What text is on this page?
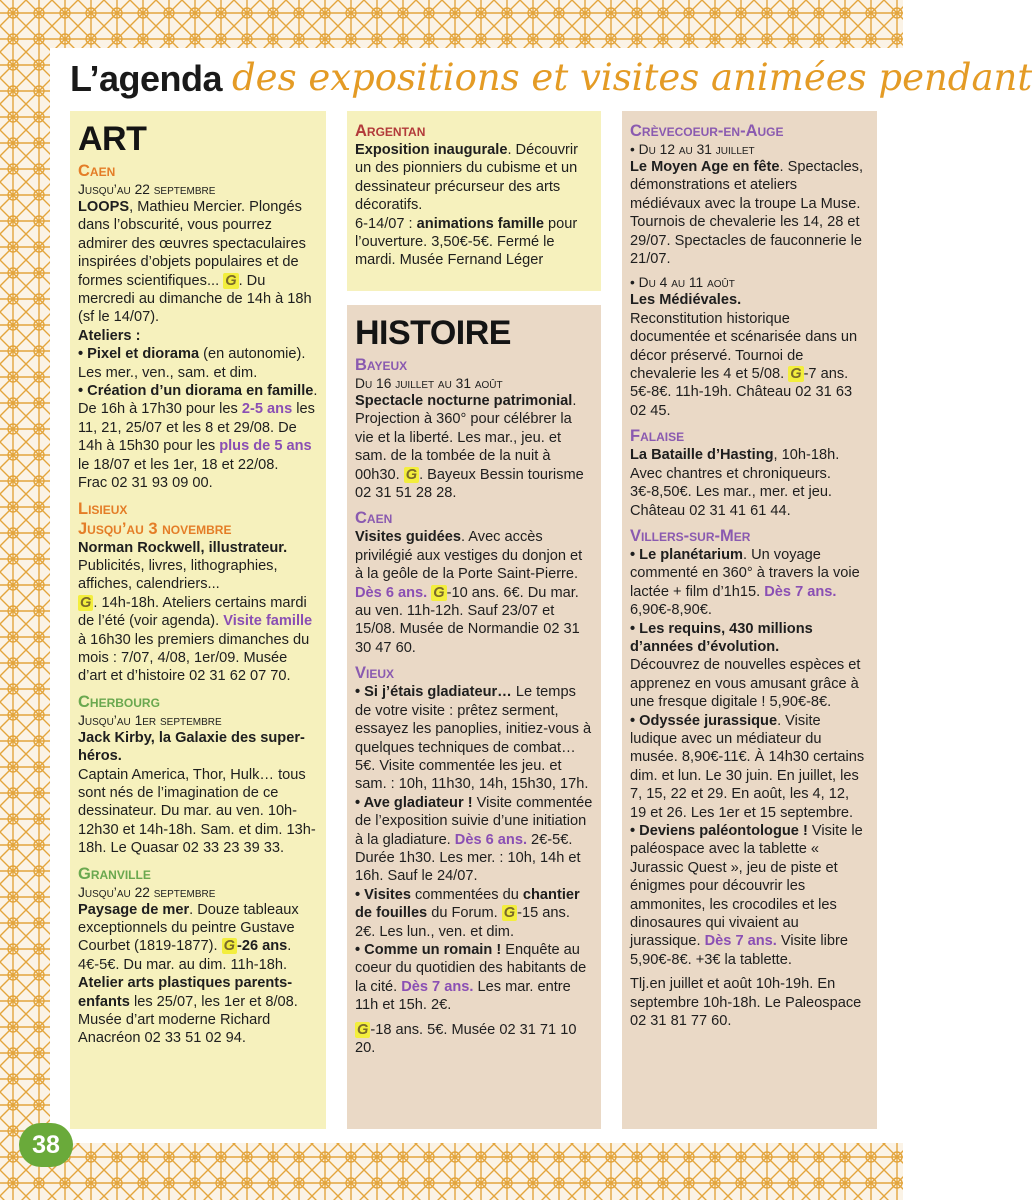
L’agenda des expositions et visites animées pendant
ART
Caen
Jusqu’au 22 septembre
LOOPS, Mathieu Mercier. Plongés dans l’obscurité, vous pourrez admirer des œuvres spectaculaires inspirées d’objets populaires et de formes scientifiques... G . Du mercredi au dimanche de 14h à 18h (sf le 14/07).
Ateliers :
• Pixel et diorama (en autonomie). Les mer., ven., sam. et dim.
• Création d’un diorama en famille. De 16h à 17h30 pour les 2-5 ans les 11, 21, 25/07 et les 8 et 29/08. De 14h à 15h30 pour les plus de 5 ans le 18/07 et les 1er, 18 et 22/08.
Frac 02 31 93 09 00.
Lisieux
Jusqu’au 3 novembre
Norman Rockwell, illustrateur. Publicités, livres, lithographies, affiches, calendriers...
G . 14h-18h. Ateliers certains mardi de l’été (voir agenda). Visite famille à 16h30 les premiers dimanches du mois : 7/07, 4/08, 1er/09. Musée d’art et d’histoire 02 31 62 07 70.
Cherbourg
Jusqu’au 1er septembre
Jack Kirby, la Galaxie des super-héros.
Captain America, Thor, Hulk… tous sont nés de l’imagination de ce dessinateur. Du mar. au ven. 10h-12h30 et 14h-18h. Sam. et dim. 13h-18h. Le Quasar 02 33 23 39 33.
Granville
Jusqu’au 22 septembre
Paysage de mer. Douze tableaux exceptionnels du peintre Gustave Courbet (1819-1877). G -26 ans. 4€-5€. Du mar. au dim. 11h-18h. Atelier arts plastiques parents-enfants les 25/07, les 1er et 8/08. Musée d’art moderne Richard Anacréon 02 33 51 02 94.
Argentan
Exposition inaugurale. Découvrir un des pionniers du cubisme et un dessinateur précurseur des arts décoratifs.
6-14/07 : animations famille pour l’ouverture. 3,50€-5€. Fermé le mardi. Musée Fernand Léger
HISTOIRE
Bayeux
Du 16 juillet au 31 août
Spectacle nocturne patrimonial. Projection à 360° pour célébrer la vie et la liberté. Les mar., jeu. et sam. de la tombée de la nuit à 00h30. G . Bayeux Bessin tourisme 02 31 51 28 28.
Caen
Visites guidées. Avec accès privilégié aux vestiges du donjon et à la geôle de la Porte Saint-Pierre. Dès 6 ans. G -10 ans. 6€. Du mar. au ven. 11h-12h. Sauf 23/07 et 15/08. Musée de Normandie 02 31 30 47 60.
Vieux
• Si j’étais gladiateur… Le temps de votre visite : prêtez serment, essayez les panoplies, initiez-vous à quelques techniques de combat…5€. Visite commentée les jeu. et sam. : 10h, 11h30, 14h, 15h30, 17h.
• Ave gladiateur ! Visite commentée de l’exposition suivie d’une initiation à la gladiature. Dès 6 ans. 2€-5€. Durée 1h30. Les mer. : 10h, 14h et 16h. Sauf le 24/07.
• Visites commentées du chantier de fouilles du Forum. G -15 ans. 2€. Les lun., ven. et dim.
• Comme un romain ! Enquête au coeur du quotidien des habitants de la cité. Dès 7 ans. Les mar. entre 11h et 15h. 2€.
G -18 ans. 5€. Musée 02 31 71 10 20.
Crèvecoeur-en-Auge
• Du 12 au 31 juillet
Le Moyen Age en fête. Spectacles, démonstrations et ateliers médiévaux avec la troupe La Muse. Tournois de chevalerie les 14, 28 et 29/07. Spectacles de fauconnerie le 21/07.
• Du 4 au 11 août
Les Médiévales.
Reconstitution historique documentée et scénarisée dans un décor préservé. Tournoi de chevalerie les 4 et 5/08. G -7 ans. 5€-8€. 11h-19h. Château 02 31 63 02 45.
Falaise
La Bataille d’Hasting, 10h-18h. Avec chantres et chroniqueurs. 3€-8,50€. Les mar., mer. et jeu. Château 02 31 41 61 44.
Villers-sur-Mer
• Le planétarium. Un voyage commenté en 360° à travers la voie lactée + film d’1h15. Dès 7 ans. 6,90€-8,90€.
• Les requins, 430 millions d’années d’évolution.
Découvrez de nouvelles espèces et apprenez en vous amusant grâce à une fresque digitale ! 5,90€-8€.
• Odyssée jurassique. Visite ludique avec un médiateur du musée. 8,90€-11€. À 14h30 certains dim. et lun. Le 30 juin. En juillet, les 7, 15, 22 et 29. En août, les 4, 12, 19 et 26. Les 1er et 15 septembre.
• Deviens paléontologue ! Visite le paléospace avec la tablette « Jurassic Quest », jeu de piste et énigmes pour découvrir les ammonites, les crocodiles et les dinosaures qui vivaient au jurassique. Dès 7 ans. Visite libre 5,90€-8€. +3€ la tablette.
Tlj.en juillet et août 10h-19h. En septembre 10h-18h. Le Paleospace 02 31 81 77 60.
38
